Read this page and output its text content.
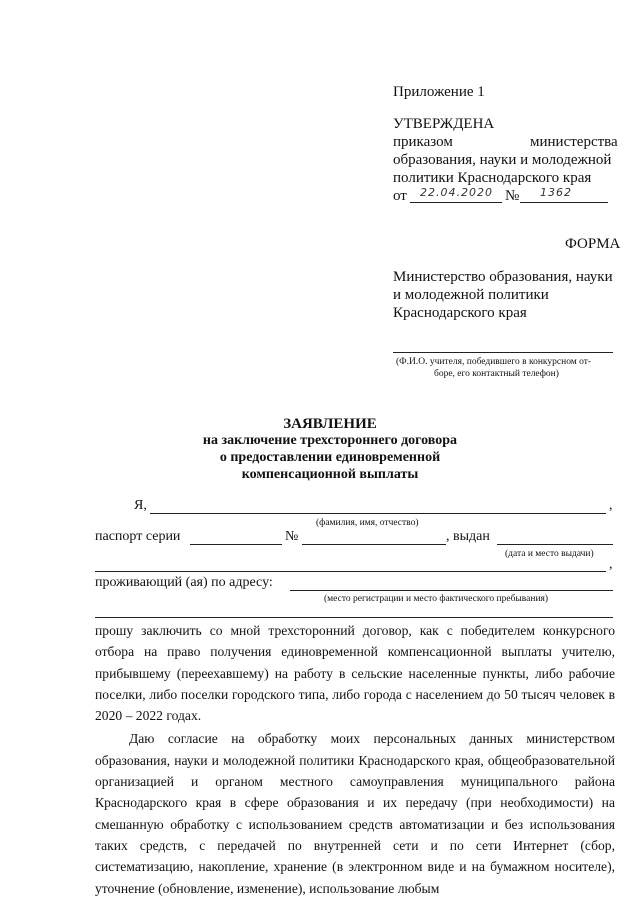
Приложение 1
УТВЕРЖДЕНА
приказом	министерства
образования, науки и молодежной
политики Краснодарского края
от 22.04.2020 № 1362
ФОРМА
Министерство образования, науки
и молодежной политики
Краснодарского края
(Ф.И.О. учителя, победившего в конкурсном от-
боре, его контактный телефон)
ЗАЯВЛЕНИЕ
на заключение трехстороннего договора
о предоставлении единовременной
компенсационной выплаты
Я,	,
(фамилия, имя, отчество)
паспорт серии	№	, выдан
(дата и место выдачи)
,
проживающий (ая) по адресу:
(место регистрации и место фактического пребывания)

прошу заключить со мной трехсторонний договор, как с победителем конкурсного отбора на право получения единовременной компенсационной выплаты учителю, прибывшему (переехавшему) на работу в сельские населенные пункты, либо рабочие поселки, либо поселки городского типа, либо города с населением до 50 тысяч человек в 2020 – 2022 годах.

Даю согласие на обработку моих персональных данных министерством образования, науки и молодежной политики Краснодарского края, общеобразовательной организацией и органом местного самоуправления муниципального района Краснодарского края в сфере образования и их передачу (при необходимости) на смешанную обработку с использованием средств автоматизации и без использования таких средств, с передачей по внутренней сети и по сети Интернет (сбор, систематизацию, накопление, хранение (в электронном виде и на бумажном носителе), уточнение (обновление, изменение), использование любым
